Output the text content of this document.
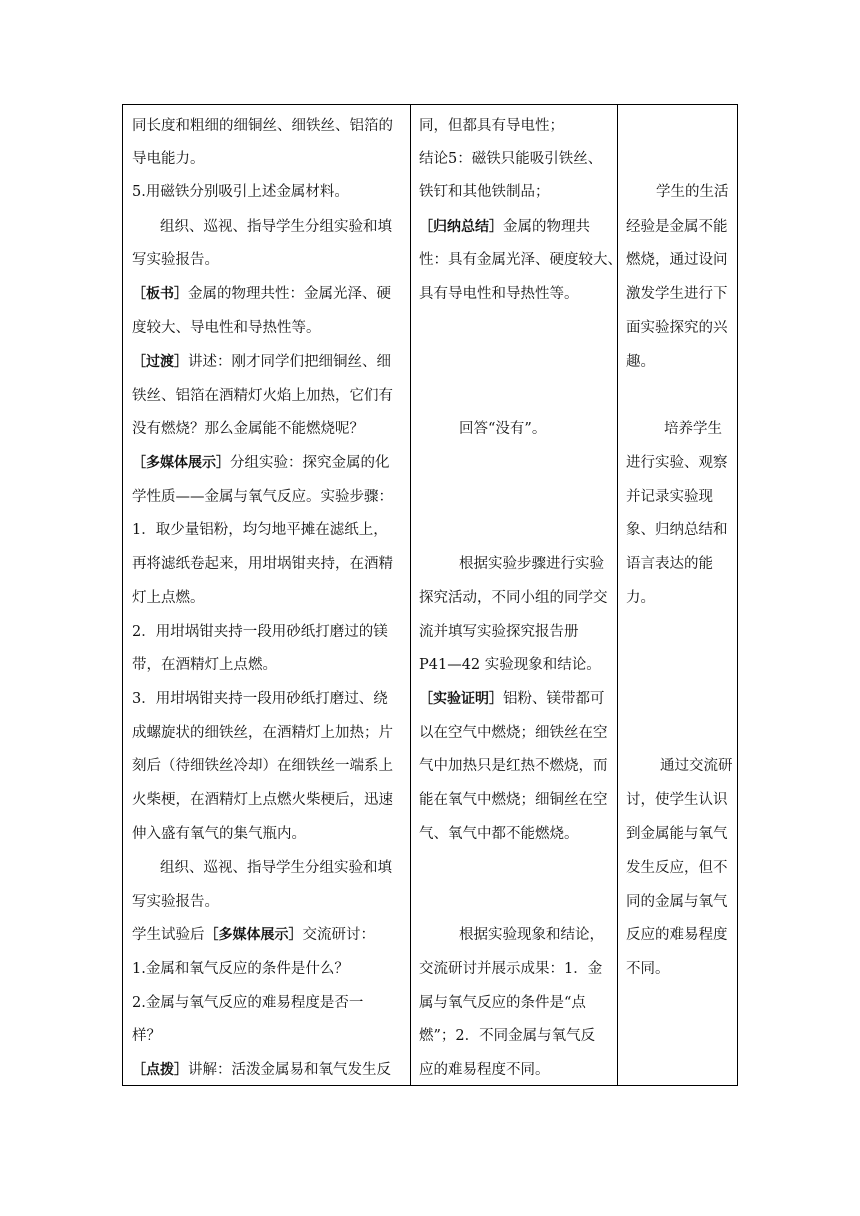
同长度和粗细的细铜丝、细铁丝、铝箔的
导电能力。
5.用磁铁分别吸引上述金属材料。
组织、巡视、指导学生分组实验和填
写实验报告。
［板书］金属的物理共性：金属光泽、硬
度较大、导电性和导热性等。
［过渡］讲述：刚才同学们把细铜丝、细
铁丝、铝箔在酒精灯火焰上加热，它们有
没有燃烧？那么金属能不能燃烧呢？
［多媒体展示］分组实验：探究金属的化
学性质——金属与氧气反应。实验步骤：
1．取少量铝粉，均匀地平摊在滤纸上，
再将滤纸卷起来，用坩埚钳夹持，在酒精
灯上点燃。
2．用坩埚钳夹持一段用砂纸打磨过的镁
带，在酒精灯上点燃。
3．用坩埚钳夹持一段用砂纸打磨过、绕
成螺旋状的细铁丝，在酒精灯上加热；片
刻后（待细铁丝冷却）在细铁丝一端系上
火柴梗，在酒精灯上点燃火柴梗后，迅速
伸入盛有氧气的集气瓶内。
组织、巡视、指导学生分组实验和填
写实验报告。
学生试验后［多媒体展示］交流研讨：
1.金属和氧气反应的条件是什么？
2.金属与氧气反应的难易程度是否一
样？
［点拨］讲解：活泼金属易和氧气发生反

同，但都具有导电性；
结论5：磁铁只能吸引铁丝、
铁钉和其他铁制品；
［归纳总结］金属的物理共
性：具有金属光泽、硬度较大、
具有导电性和导热性等。
回答“没有”。
根据实验步骤进行实验
探究活动，不同小组的同学交
流并填写实验探究报告册
P41—42 实验现象和结论。
［实验证明］铝粉、镁带都可
以在空气中燃烧；细铁丝在空
气中加热只是红热不燃烧，而
能在氧气中燃烧；细铜丝在空
气、氧气中都不能燃烧。
根据实验现象和结论，
交流研讨并展示成果：1．金
属与氧气反应的条件是“点
燃”；2．不同金属与氧气反
应的难易程度不同。

学生的生活
经验是金属不能
燃烧，通过设问
激发学生进行下
面实验探究的兴
趣。
培养学生
进行实验、观察
并记录实验现
象、归纳总结和
语言表达的能
力。
通过交流研
讨，使学生认识
到金属能与氧气
发生反应，但不
同的金属与氧气
反应的难易程度
不同。
